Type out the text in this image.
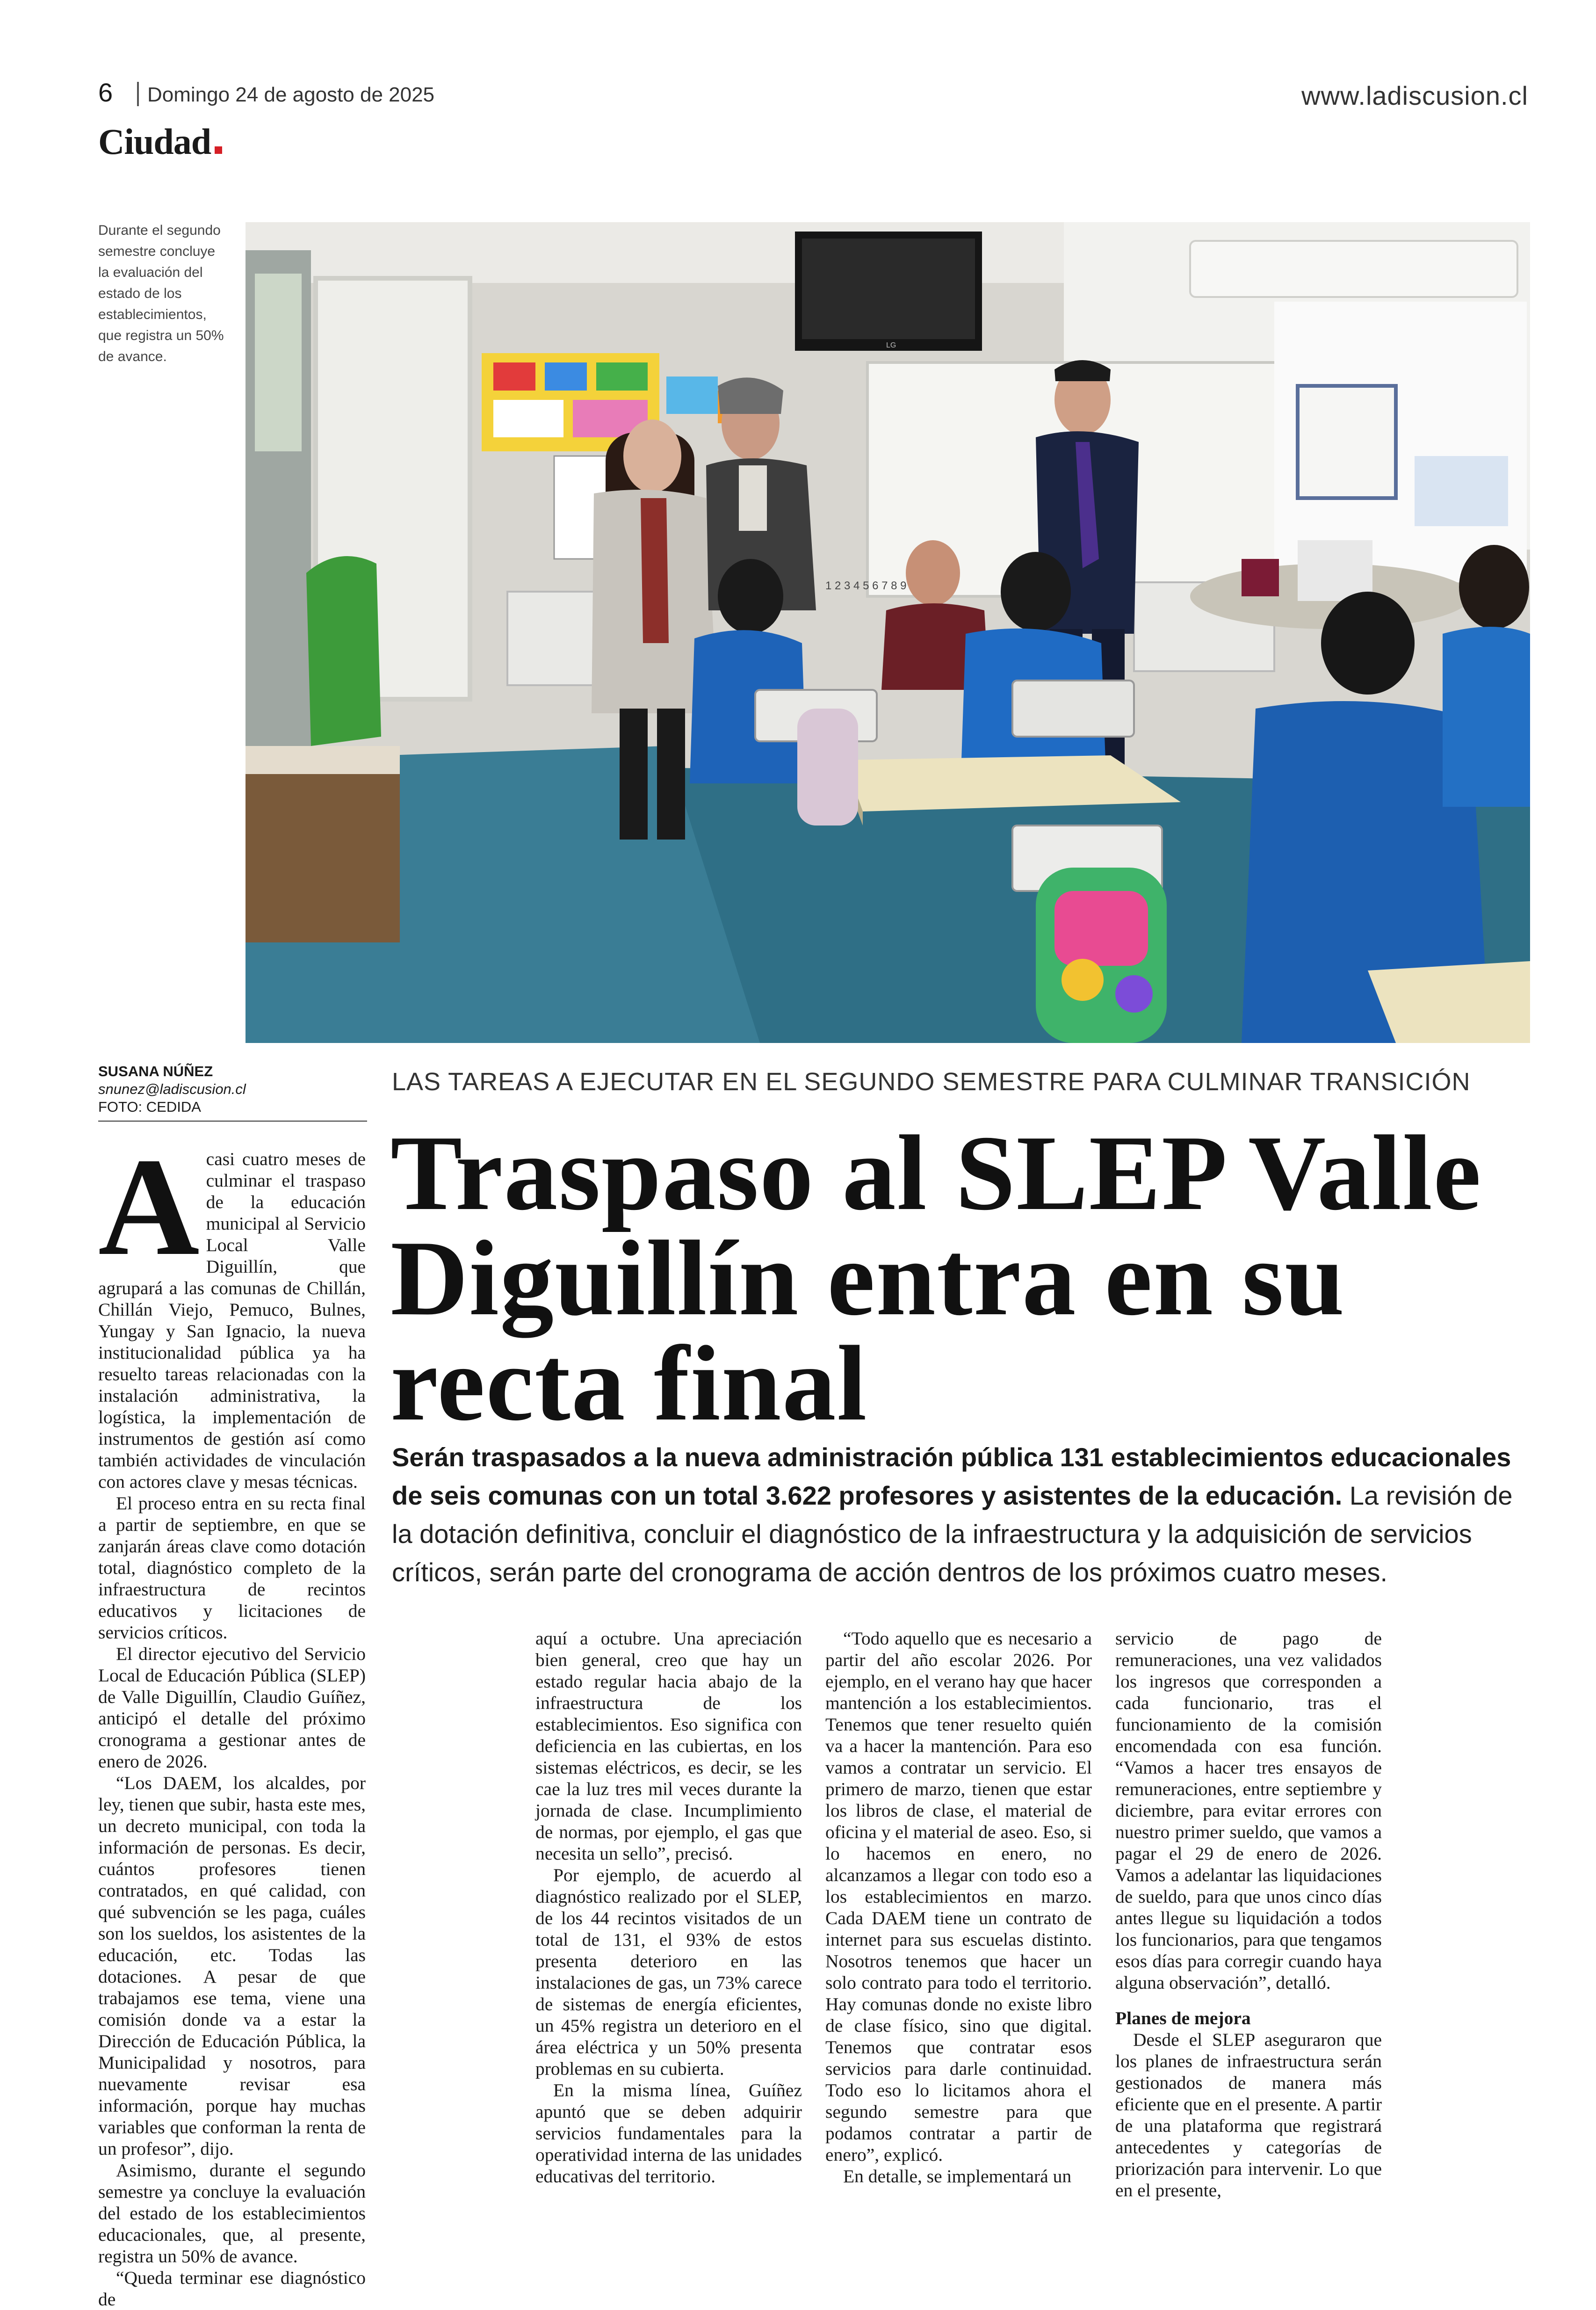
6 Domingo 24 de agosto de 2025	www.ladiscusion.cl
Ciudad
Durante el segundo semestre concluye la evaluación del estado de los establecimientos, que registra un 50% de avance.
LG
1 2 3 4 5 6 7 8 9
SUSANA NÚÑEZ
snunez@ladiscusion.cl
FOTO: CEDIDA
LAS TAREAS A EJECUTAR EN EL SEGUNDO SEMESTRE PARA CULMINAR TRANSICIÓN
Traspaso al SLEP Valle Diguillín entra en su recta final
Serán traspasados a la nueva administración pública 131 establecimientos educacionales de seis comunas con un total 3.622 profesores y asistentes de la educación. La revisión de la dotación definitiva, concluir el diagnóstico de la infraestructura y la adquisición de servicios críticos, serán parte del cronograma de acción dentros de los próximos cuatro meses.

Acasi cuatro meses de culminar el traspaso de la educación municipal al Servicio Local Valle Diguillín, que agrupará a las comunas de Chillán, Chillán Viejo, Pemuco, Bulnes, Yungay y San Ignacio, la nueva institucionalidad pública ya ha resuelto tareas relacionadas con la instalación administrativa, la logística, la implementación de instrumentos de gestión así como también actividades de vinculación con actores clave y mesas técnicas.

El proceso entra en su recta final a partir de septiembre, en que se zanjarán áreas clave como dotación total, diagnóstico completo de la infraestructura de recintos educativos y licitaciones de servicios críticos.

El director ejecutivo del Servicio Local de Educación Pública (SLEP) de Valle Diguillín, Claudio Guíñez, anticipó el detalle del próximo cronograma a gestionar antes de enero de 2026.

“Los DAEM, los alcaldes, por ley, tienen que subir, hasta este mes, un decreto municipal, con toda la información de personas. Es decir, cuántos profesores tienen contratados, en qué calidad, con qué subvención se les paga, cuáles son los sueldos, los asistentes de la educación, etc. Todas las dotaciones. A pesar de que trabajamos ese tema, viene una comisión donde va a estar la Dirección de Educación Pública, la Municipalidad y nosotros, para nuevamente revisar esa información, porque hay muchas variables que conforman la renta de un profesor”, dijo.

Asimismo, durante el segundo semestre ya concluye la evaluación del estado de los establecimientos educacionales, que, al presente, registra un 50% de avance.

“Queda terminar ese diagnóstico de

aquí a octubre. Una apreciación bien general, creo que hay un estado regular hacia abajo de la infraestructura de los establecimientos. Eso significa con deficiencia en las cubiertas, en los sistemas eléctricos, es decir, se les cae la luz tres mil veces durante la jornada de clase. Incumplimiento de normas, por ejemplo, el gas que necesita un sello”, precisó.

Por ejemplo, de acuerdo al diagnóstico realizado por el SLEP, de los 44 recintos visitados de un total de 131, el 93% de estos presenta deterioro en las instalaciones de gas, un 73% carece de sistemas de energía eficientes, un 45% registra un deterioro en el área eléctrica y un 50% presenta problemas en su cubierta.

En la misma línea, Guíñez apuntó que se deben adquirir servicios fundamentales para la operatividad interna de las unidades educativas del territorio.

“Todo aquello que es necesario a partir del año escolar 2026. Por ejemplo, en el verano hay que hacer mantención a los establecimientos. Tenemos que tener resuelto quién va a hacer la mantención. Para eso vamos a contratar un servicio. El primero de marzo, tienen que estar los libros de clase, el material de oficina y el material de aseo. Eso, si lo hacemos en enero, no alcanzamos a llegar con todo eso a los establecimientos en marzo. Cada DAEM tiene un contrato de internet para sus escuelas distinto. Nosotros tenemos que hacer un solo contrato para todo el territorio. Hay comunas donde no existe libro de clase físico, sino que digital. Tenemos que contratar esos servicios para darle continuidad. Todo eso lo licitamos ahora el segundo semestre para que podamos contratar a partir de enero”, explicó.

En detalle, se implementará un

servicio de pago de remuneraciones, una vez validados los ingresos que corresponden a cada funcionario, tras el funcionamiento de la comisión encomendada con esa función. “Vamos a hacer tres ensayos de remuneraciones, entre septiembre y diciembre, para evitar errores con nuestro primer sueldo, que vamos a pagar el 29 de enero de 2026. Vamos a adelantar las liquidaciones de sueldo, para que unos cinco días antes llegue su liquidación a todos los funcionarios, para que tengamos esos días para corregir cuando haya alguna observación”, detalló.

Planes de mejora

Desde el SLEP aseguraron que los planes de infraestructura serán gestionados de manera más eficiente que en el presente. A partir de una plataforma que registrará antecedentes y categorías de priorización para intervenir. Lo que en el presente,
